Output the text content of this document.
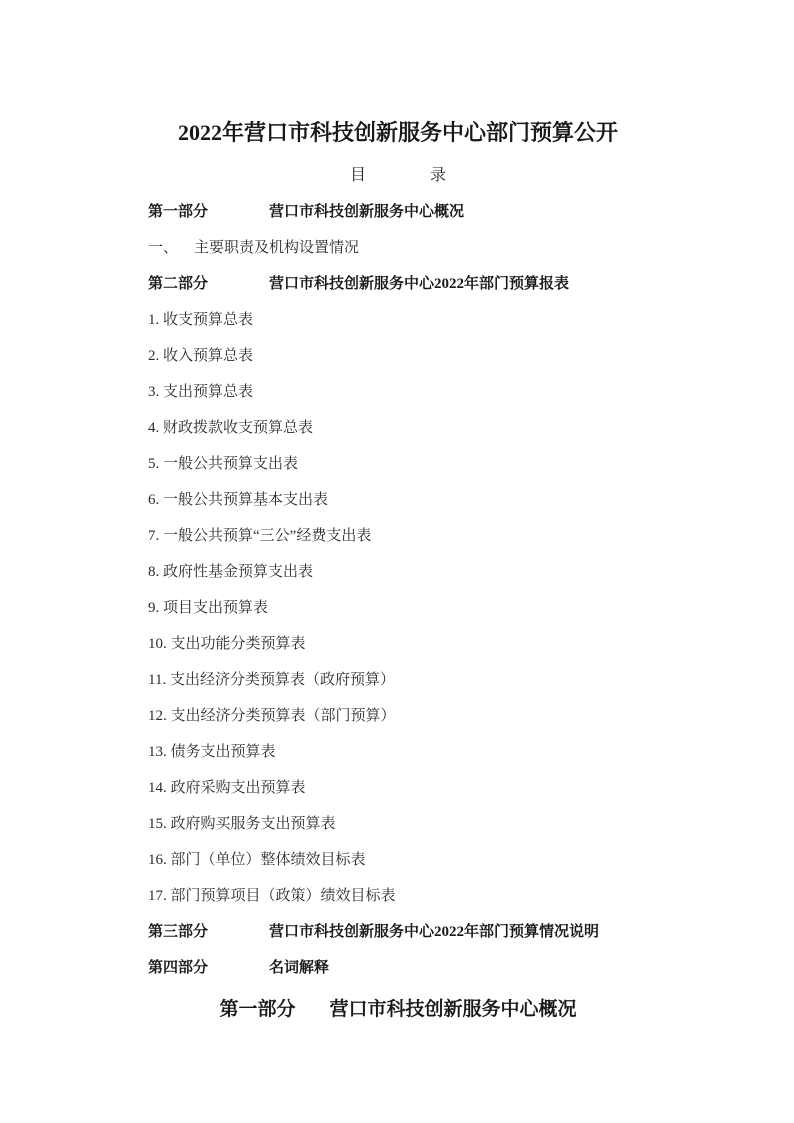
2022年营口市科技创新服务中心部门预算公开

目　　　　录

第一部分	营口市科技创新服务中心概况

一、 主要职责及机构设置情况

第二部分	营口市科技创新服务中心2022年部门预算报表

1. 收支预算总表

2. 收入预算总表

3. 支出预算总表

4. 财政拨款收支预算总表

5. 一般公共预算支出表

6. 一般公共预算基本支出表

7. 一般公共预算“三公”经费支出表

8. 政府性基金预算支出表

9. 项目支出预算表

10. 支出功能分类预算表

11. 支出经济分类预算表（政府预算）

12. 支出经济分类预算表（部门预算）

13. 债务支出预算表

14. 政府采购支出预算表

15. 政府购买服务支出预算表

16. 部门（单位）整体绩效目标表

17. 部门预算项目（政策）绩效目标表

第三部分	营口市科技创新服务中心2022年部门预算情况说明

第四部分	名词解释

第一部分 营口市科技创新服务中心概况
